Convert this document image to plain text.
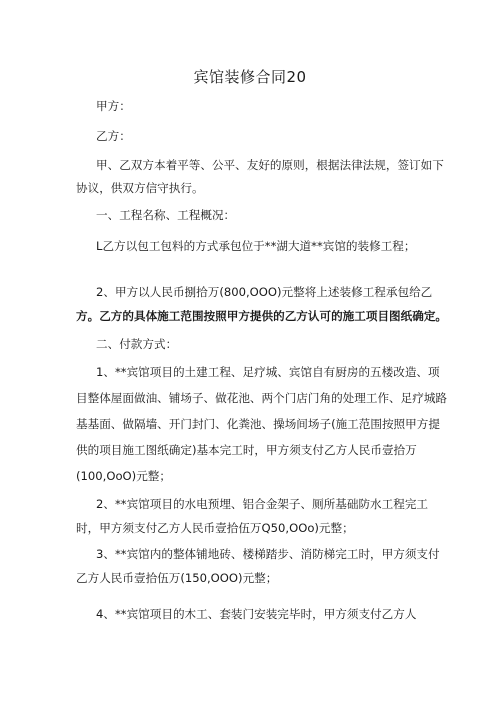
宾馆装修合同20

甲方：

乙方：

甲、乙双方本着平等、公平、友好的原则，根据法律法规，签订如下

协议，供双方信守执行。

一、工程名称、工程概况：

L乙方以包工包料的方式承包位于**湖大道**宾馆的装修工程；

2、甲方以人民币捌拾万(800,OOO)元整将上述装修工程承包给乙

方。乙方的具体施工范围按照甲方提供的乙方认可的施工项目图纸确定。

二、付款方式：

1、**宾馆项目的土建工程、足疗城、宾馆自有厨房的五楼改造、项

目整体屋面做油、铺场子、做花池、两个门店门角的处理工作、足疗城路

基基面、做隔墙、开门封门、化粪池、操场间场子(施工范围按照甲方提

供的项目施工图纸确定)基本完工时，甲方须支付乙方人民币壹拾万

(100,OoO)元整；

2、**宾馆项目的水电预埋、铝合金架子、厕所基础防水工程完工

时，甲方须支付乙方人民币壹拾伍万Q50,OOo)元整；

3、**宾馆内的整体铺地砖、楼梯踏步、消防梯完工时，甲方须支付

乙方人民币壹拾伍万(150,OOO)元整；

4、**宾馆项目的木工、套装门安装完毕时，甲方须支付乙方人
